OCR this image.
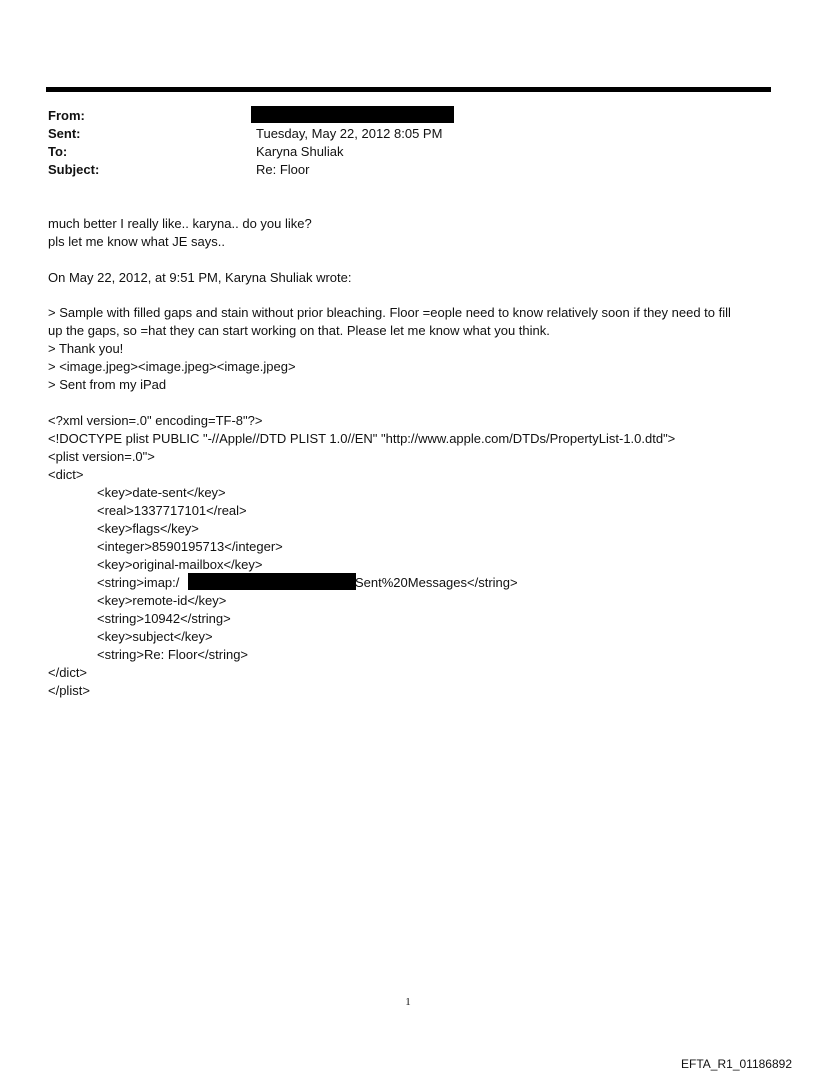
From:
Sent:	Tuesday, May 22, 2012 8:05 PM
To:	Karyna Shuliak
Subject:	Re: Floor
much better I really like.. karyna.. do you like?
pls let me know what JE says..
On May 22, 2012, at 9:51 PM, Karyna Shuliak wrote:
> Sample with filled gaps and stain without prior bleaching. Floor =eople need to know relatively soon if they need to fill
up the gaps, so =hat they can start working on that. Please let me know what you think.
> Thank you!
> <image.jpeg><image.jpeg><image.jpeg>
> Sent from my iPad
<?xml version=.0" encoding=TF-8"?>
<!DOCTYPE plist PUBLIC "-//Apple//DTD PLIST 1.0//EN" "http://www.apple.com/DTDs/PropertyList-1.0.dtd">
<plist version=.0">
<dict>
<key>date-sent</key>
<real>1337717101</real>
<key>flags</key>
<integer>8590195713</integer>
<key>original-mailbox</key>
<string>imap:/	Sent%20Messages</string>
<key>remote-id</key>
<string>10942</string>
<key>subject</key>
<string>Re: Floor</string>
</dict>
</plist>
1
EFTA_R1_01186892
